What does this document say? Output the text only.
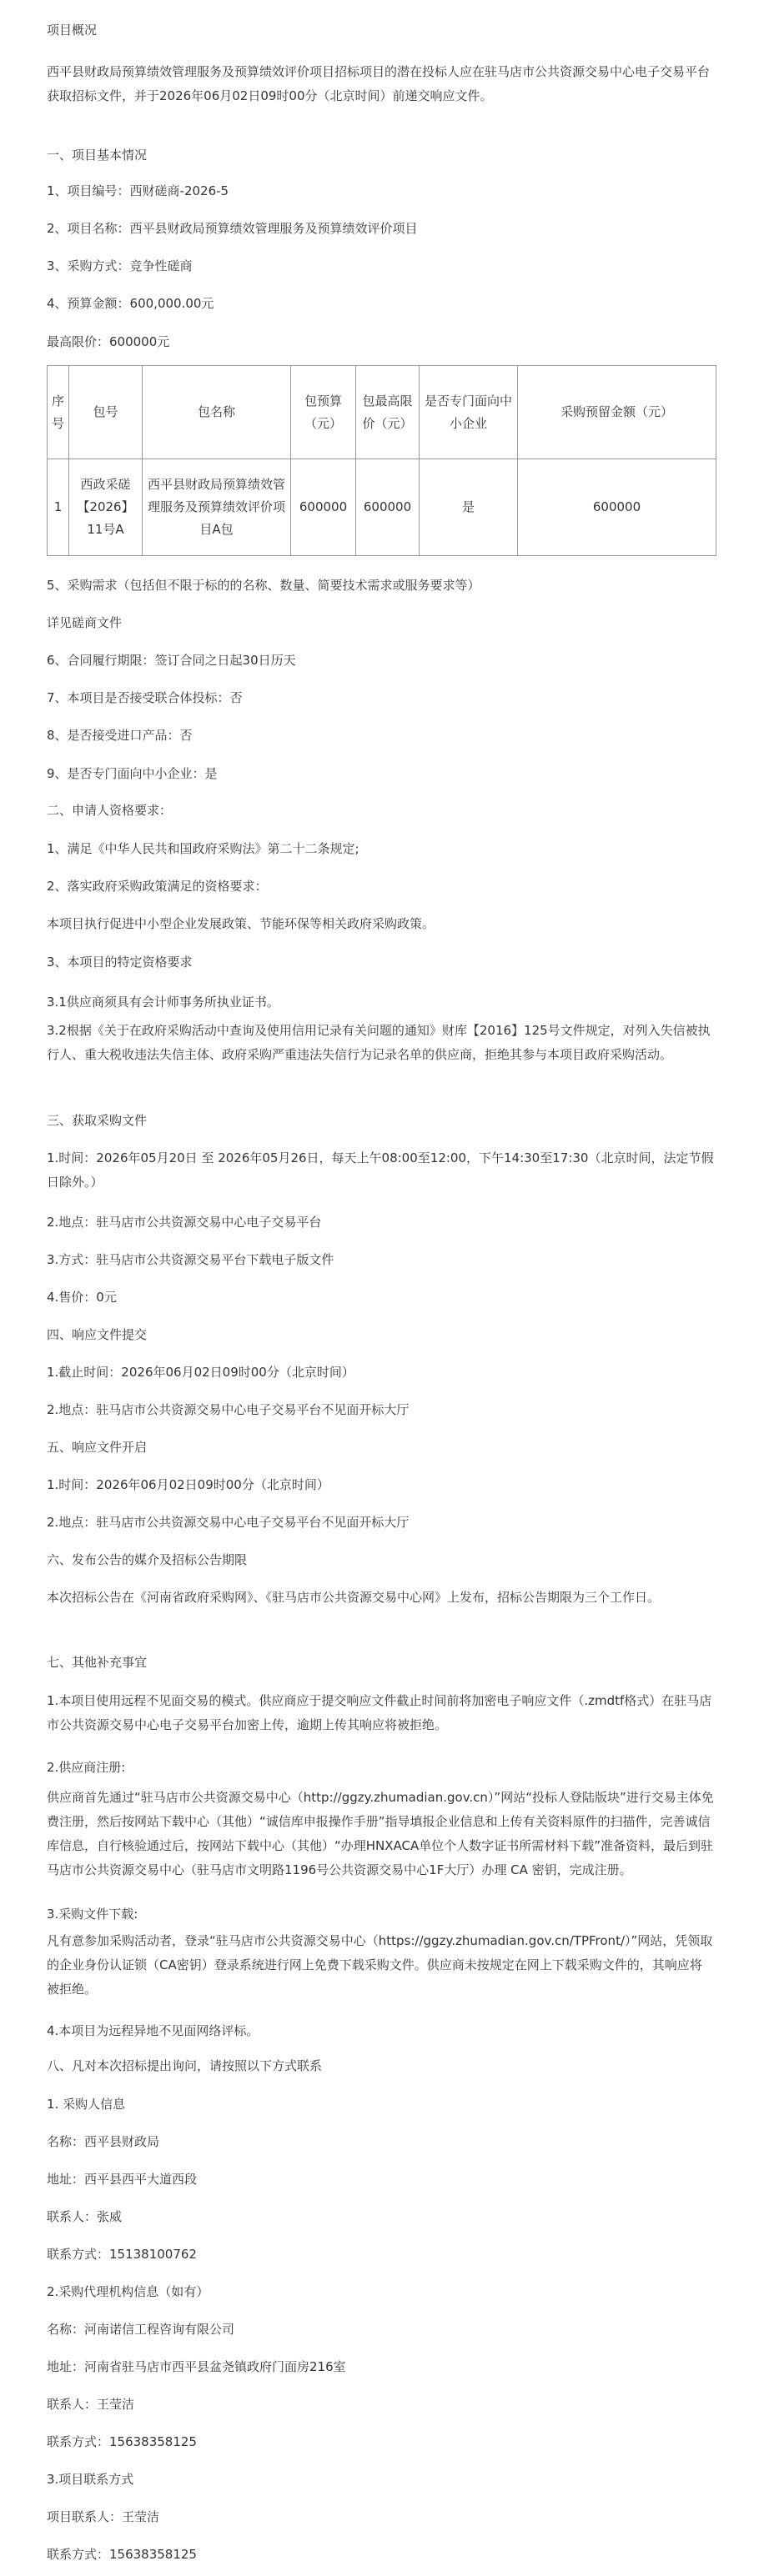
项目概况

西平县财政局预算绩效管理服务及预算绩效评价项目招标项目的潜在投标人应在驻马店市公共资源交易中心电子交易平台获取招标文件，并于2026年06月02日09时00分（北京时间）前递交响应文件。

一、项目基本情况

1、项目编号：西财磋商-2026-5

2、项目名称：西平县财政局预算绩效管理服务及预算绩效评价项目

3、采购方式：竞争性磋商

4、预算金额：600,000.00元

最高限价：600000元

序号	包号	包名称	包预算（元）	包最高限价（元）	是否专门面向中小企业	采购预留金额（元）
1	西政采磋【2026】11号A	西平县财政局预算绩效管理服务及预算绩效评价项目A包	600000	600000	是	600000

5、采购需求（包括但不限于标的的名称、数量、简要技术需求或服务要求等）

详见磋商文件

6、合同履行期限：签订合同之日起30日历天

7、本项目是否接受联合体投标：否

8、是否接受进口产品：否

9、是否专门面向中小企业：是

二、申请人资格要求：

1、满足《中华人民共和国政府采购法》第二十二条规定;

2、落实政府采购政策满足的资格要求：

本项目执行促进中小型企业发展政策、节能环保等相关政府采购政策。

3、本项目的特定资格要求

3.1供应商须具有会计师事务所执业证书。

3.2根据《关于在政府采购活动中查询及使用信用记录有关问题的通知》财库【2016】125号文件规定，对列入失信被执行人、重大税收违法失信主体、政府采购严重违法失信行为记录名单的供应商，拒绝其参与本项目政府采购活动。

三、获取采购文件

1.时间：2026年05月20日 至 2026年05月26日，每天上午08:00至12:00，下午14:30至17:30（北京时间，法定节假日除外。）

2.地点：驻马店市公共资源交易中心电子交易平台

3.方式：驻马店市公共资源交易平台下载电子版文件

4.售价：0元

四、响应文件提交

1.截止时间：2026年06月02日09时00分（北京时间）

2.地点：驻马店市公共资源交易中心电子交易平台不见面开标大厅

五、响应文件开启

1.时间：2026年06月02日09时00分（北京时间）

2.地点：驻马店市公共资源交易中心电子交易平台不见面开标大厅

六、发布公告的媒介及招标公告期限

本次招标公告在《河南省政府采购网》、《驻马店市公共资源交易中心网》上发布，招标公告期限为三个工作日。

七、其他补充事宜

1.本项目使用远程不见面交易的模式。供应商应于提交响应文件截止时间前将加密电子响应文件（.zmdtf格式）在驻马店市公共资源交易中心电子交易平台加密上传，逾期上传其响应将被拒绝。

2.供应商注册:

供应商首先通过“驻马店市公共资源交易中心（http://ggzy.zhumadian.gov.cn）”网站“投标人登陆版块”进行交易主体免费注册，然后按网站下载中心（其他）“诚信库申报操作手册”指导填报企业信息和上传有关资料原件的扫描件，完善诚信库信息，自行核验通过后，按网站下载中心（其他）“办理HNXACA单位个人数字证书所需材料下载”准备资料，最后到驻马店市公共资源交易中心（驻马店市文明路1196号公共资源交易中心1F大厅）办理 CA 密钥，完成注册。

3.采购文件下载:

凡有意参加采购活动者，登录“驻马店市公共资源交易中心（https://ggzy.zhumadian.gov.cn/TPFront/）”网站，凭领取的企业身份认证锁（CA密钥）登录系统进行网上免费下载采购文件。供应商未按规定在网上下载采购文件的，其响应将被拒绝。

4.本项目为远程异地不见面网络评标。

八、凡对本次招标提出询问，请按照以下方式联系

1. 采购人信息

名称：西平县财政局

地址：西平县西平大道西段

联系人：张威

联系方式：15138100762

2.采购代理机构信息（如有）

名称：河南诺信工程咨询有限公司

地址：河南省驻马店市西平县盆尧镇政府门面房216室

联系人：王莹洁

联系方式：15638358125

3.项目联系方式

项目联系人：王莹洁

联系方式：15638358125
